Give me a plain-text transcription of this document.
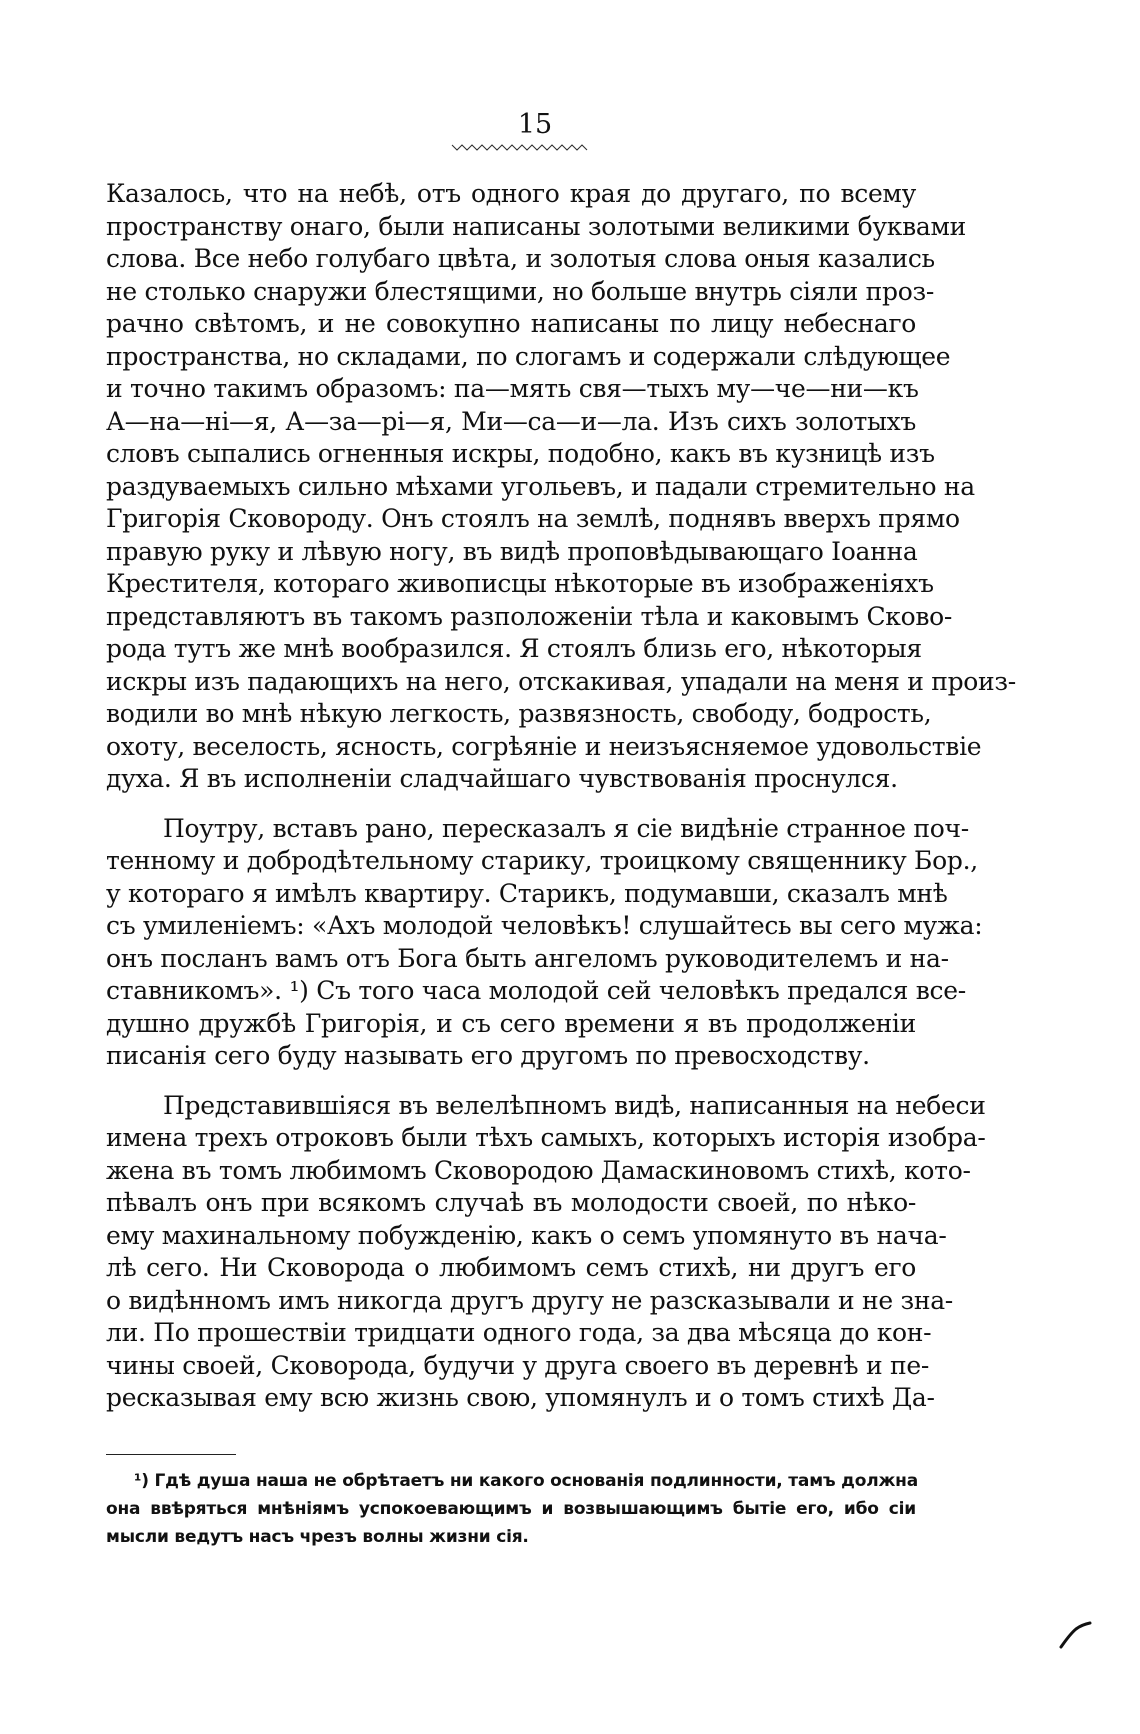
15
Казалось, что на небѣ, отъ одного края до другаго, по всему
пространству онаго, были написаны золотыми великими буквами
слова. Все небо голубаго цвѣта, и золотыя слова оныя казались
не столько снаружи блестящими, но больше внутрь сіяли проз-
рачно свѣтомъ, и не совокупно написаны по лицу небеснаго
пространства, но складами, по слогамъ и содержали слѣдующее
и точно такимъ образомъ: па—мять свя—тыхъ му—че—ни—къ
А—на—ні—я, А—за—рі—я, Ми—са—и—ла. Изъ сихъ золотыхъ
словъ сыпались огненныя искры, подобно, какъ въ кузницѣ изъ
раздуваемыхъ сильно мѣхами угольевъ, и падали стремительно на
Григорія Сковороду. Онъ стоялъ на землѣ, поднявъ вверхъ прямо
правую руку и лѣвую ногу, въ видѣ проповѣдывающаго Іоанна
Крестителя, котораго живописцы нѣкоторые въ изображеніяхъ
представляютъ въ такомъ разположеніи тѣла и каковымъ Сково-
рода тутъ же мнѣ вообразился. Я стоялъ близь его, нѣкоторыя
искры изъ падающихъ на него, отскакивая, упадали на меня и произ-
водили во мнѣ нѣкую легкость, развязность, свободу, бодрость,
охоту, веселость, ясность, согрѣяніе и неизъясняемое удовольствіе
духа. Я въ исполненіи сладчайшаго чувствованія проснулся.
Поутру, вставъ рано, пересказалъ я сіе видѣніе странное поч-
тенному и добродѣтельному старику, троицкому священнику Бор.,
у котораго я имѣлъ квартиру. Старикъ, подумавши, сказалъ мнѣ
съ умиленіемъ: «Ахъ молодой человѣкъ! слушайтесь вы сего мужа:
онъ посланъ вамъ отъ Бога быть ангеломъ руководителемъ и на-
ставникомъ». ¹) Съ того часа молодой сей человѣкъ предался все-
душно дружбѣ Григорія, и съ сего времени я въ продолженіи
писанія сего буду называть его другомъ по превосходству.
Представившіяся въ велелѣпномъ видѣ, написанныя на небеси
имена трехъ отроковъ были тѣхъ самыхъ, которыхъ исторія изобра-
жена въ томъ любимомъ Сковородою Дамаскиновомъ стихѣ, кото-
пѣвалъ онъ при всякомъ случаѣ въ молодости своей, по нѣко-
ему махинальному побужденію, какъ о семъ упомянуто въ нача-
лѣ сего. Ни Сковорода о любимомъ семъ стихѣ, ни другъ его
о видѣнномъ имъ никогда другъ другу не разсказывали и не зна-
ли. По прошествіи тридцати одного года, за два мѣсяца до кон-
чины своей, Сковорода, будучи у друга своего въ деревнѣ и пе-
ресказывая ему всю жизнь свою, упомянулъ и о томъ стихѣ Да-
¹) Гдѣ душа наша не обрѣтаетъ ни какого основанія подлинности, тамъ должна
она ввѣряться мнѣніямъ успокоевающимъ и возвышающимъ бытіе его, ибо сіи
мысли ведутъ насъ чрезъ волны жизни сія.
